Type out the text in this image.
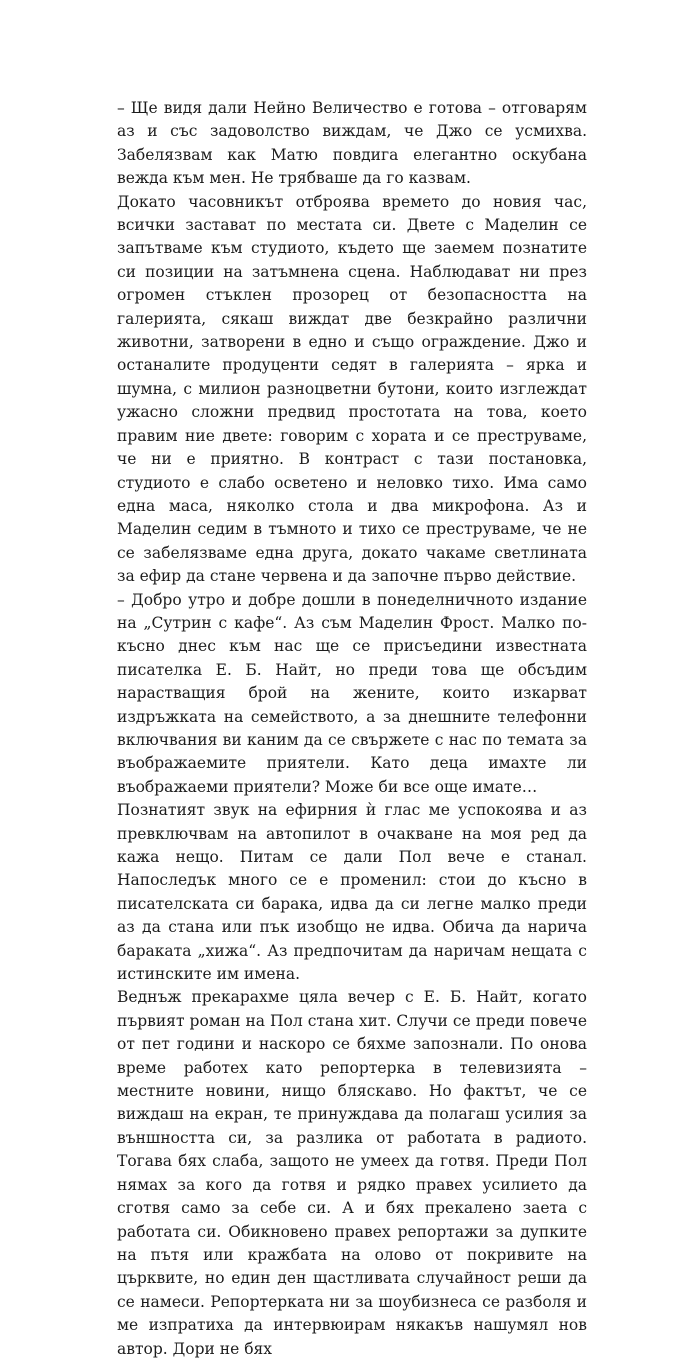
– Ще видя дали Нейно Величество е готова – отговарям аз и със задоволство виждам, че Джо се усмихва. Забелязвам как Матю повдига елегантно оскубана вежда към мен. Не трябваше да го казвам.

Докато часовникът отброява времето до новия час, всички застават по местата си. Двете с Маделин се запътваме към студиото, където ще заемем познатите си позиции на затъмнена сцена. Наблюдават ни през огромен стъклен прозорец от безопасността на галерията, сякаш виждат две безкрайно различни животни, затворени в едно и също ограждение. Джо и останалите продуценти седят в галерията – ярка и шумна, с милион разноцветни бутони, които изглеждат ужасно сложни предвид простотата на това, което правим ние двете: говорим с хората и се преструваме, че ни е приятно. В контраст с тази постановка, студиото е слабо осветено и неловко тихо. Има само една маса, няколко стола и два микрофона. Аз и Маделин седим в тъмното и тихо се преструваме, че не се забелязваме една друга, докато чакаме светлината за ефир да стане червена и да започне първо действие.

– Добро утро и добре дошли в понеделничното издание на „Сутрин с кафе“. Аз съм Маделин Фрост. Малко по-късно днес към нас ще се присъедини известната писателка Е. Б. Найт, но преди това ще обсъдим нарастващия брой на жените, които изкарват издръжката на семейството, а за днешните телефонни включвания ви каним да се свържете с нас по темата за въображаемите приятели. Като деца имахте ли въображаеми приятели? Може би все още имате…

Познатият звук на ефирния ѝ глас ме успокоява и аз превключвам на автопилот в очакване на моя ред да кажа нещо. Питам се дали Пол вече е станал. Напоследък много се е променил: стои до късно в писателската си барака, идва да си легне малко преди аз да стана или пък изобщо не идва. Обича да нарича бараката „хижа“. Аз предпочитам да наричам нещата с истинските им имена.

Веднъж прекарахме цяла вечер с Е. Б. Найт, когато първият роман на Пол стана хит. Случи се преди повече от пет години и наскоро се бяхме запознали. По онова време работех като репортерка в телевизията – местните новини, нищо бляскаво. Но фактът, че се виждаш на екран, те принуждава да полагаш усилия за външността си, за разлика от работата в радиото. Тогава бях слаба, защото не умеех да готвя. Преди Пол нямах за кого да готвя и рядко правех усилието да сготвя само за себе си. А и бях прекалено заета с работата си. Обикновено правех репортажи за дупките на пътя или кражбата на олово от покривите на църквите, но един ден щастливата случайност реши да се намеси. Репортерката ни за шоубизнеса се разболя и ме изпратиха да интервюирам някакъв нашумял нов автор. Дори не бях
